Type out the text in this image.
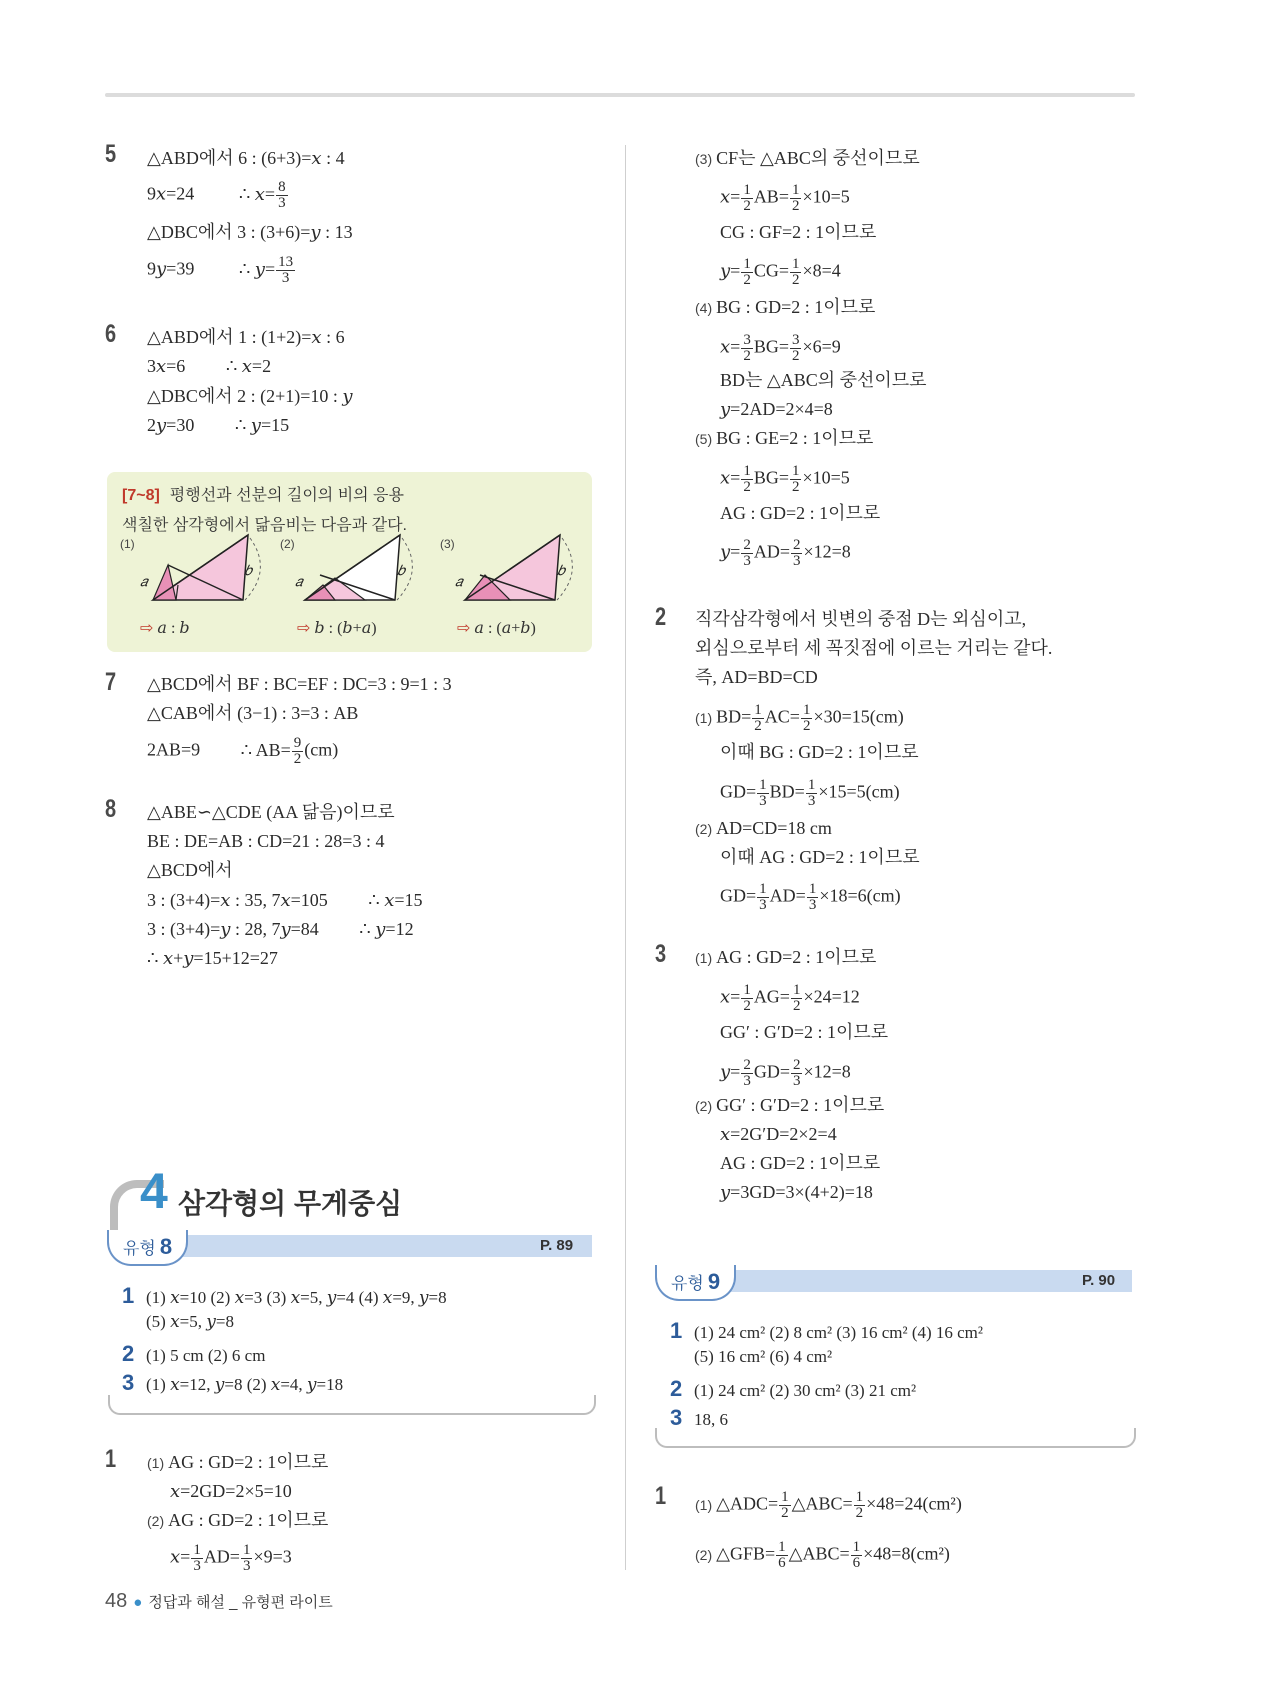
5 △ABD에서 6 : (6+3)=𝑥 : 4
9𝑥=24 ∴ 𝑥= $\frac{8}{3}$
△DBC에서 3 : (3+6)=𝑦 : 13
9𝑦=39 ∴ 𝑦= $\frac{13}{3}$
6 △ABD에서 1 : (1+2)=𝑥 : 6
3𝑥=6 ∴ 𝑥=2
△DBC에서 2 : (2+1)=10 : 𝑦
2𝑦=30 ∴ 𝑦=15
[7~8] 평행선과 선분의 길이의 비의 응용
색칠한 삼각형에서 닮음비는 다음과 같다.
(1)	(2)	(3)
𝑎
𝑏
𝑎
𝑏
𝑎
𝑏
⇨ 𝑎 : 𝑏	⇨ 𝑏 : (𝑏+𝑎)	⇨ 𝑎 : (𝑎+𝑏)
7 △BCD에서 BF : BC=EF : DC=3 : 9=1 : 3
△CAB에서 (3−1) : 3=3 : AB
2AB=9 ∴ $AB= \frac{9}{2} (cm)$
8 △ABE∽△CDE (AA 닮음)이므로
BE : DE=AB : CD=21 : 28=3 : 4
△BCD에서
3 : (3+4)=𝑥 : 35, 7𝑥=105 ∴ 𝑥=15
3 : (3+4)=𝑦 : 28, 7𝑦=84 ∴ 𝑦=12
∴ 𝑥+𝑦=15+12=27
4 삼각형의 무게중심
유형 8	P. 89
1 (1) 𝑥=10 (2) 𝑥=3 (3) 𝑥=5, 𝑦=4 (4) 𝑥=9, 𝑦=8
(5) 𝑥=5, 𝑦=8
2 (1) 5 cm (2) 6 cm
3 (1) 𝑥=12, 𝑦=8 (2) 𝑥=4, 𝑦=18
1 (1) AG : GD=2 : 1이므로
𝑥=2GD=2×5=10
(2) AG : GD=2 : 1이므로
𝑥= $\frac{1}{3} AD= \frac{1}{3} \times 9=3$
(3) CF는 △ABC의 중선이므로
𝑥= $\frac{1}{2} AB= \frac{1}{2} \times 10=5$
CG : GF=2 : 1이므로
𝑦= $\frac{1}{2} CG= \frac{1}{2} \times 8=4$
(4) BG : GD=2 : 1이므로
𝑥= $\frac{3}{2} BG= \frac{3}{2} \times 6=9$
BD는 △ABC의 중선이므로
𝑦=2AD=2×4=8
(5) BG : GE=2 : 1이므로
𝑥= $\frac{1}{2} BG= \frac{1}{2} \times 10=5$
AG : GD=2 : 1이므로
𝑦= $\frac{2}{3} AD= \frac{2}{3} \times 12=8$
2 직각삼각형에서 빗변의 중점 D는 외심이고,
외심으로부터 세 꼭짓점에 이르는 거리는 같다.
즉, AD=BD=CD
(1) $BD= \frac{1}{2} AC= \frac{1}{2} \times 30=15(cm)$
이때 BG : GD=2 : 1이므로
$GD= \frac{1}{3} BD= \frac{1}{3} \times 15=5(cm)$
(2) AD=CD=18 cm
이때 AG : GD=2 : 1이므로
$GD= \frac{1}{3} AD= \frac{1}{3} \times 18=6(cm)$
3 (1) AG : GD=2 : 1이므로
𝑥= $\frac{1}{2} AG= \frac{1}{2} \times 24=12$
GG′ : G′D=2 : 1이므로
𝑦= $\frac{2}{3} GD= \frac{2}{3} \times 12=8$
(2) GG′ : G′D=2 : 1이므로
𝑥=2G′D=2×2=4
AG : GD=2 : 1이므로
𝑦=3GD=3×(4+2)=18
유형 9	P. 90
1 (1) 24 cm² (2) 8 cm² (3) 16 cm² (4) 16 cm²
(5) 16 cm² (6) 4 cm²
2 (1) 24 cm² (2) 30 cm² (3) 21 cm²
3 18, 6
1 (1) △ADC= $\frac{1}{2}$ △ABC= $\frac{1}{2} \times 48=24(cm^2)$
(2) △GFB= $\frac{1}{6}$ △ABC= $\frac{1}{6} \times 48=8(cm^2)$
48 ● 정답과 해설 _ 유형편 라이트
